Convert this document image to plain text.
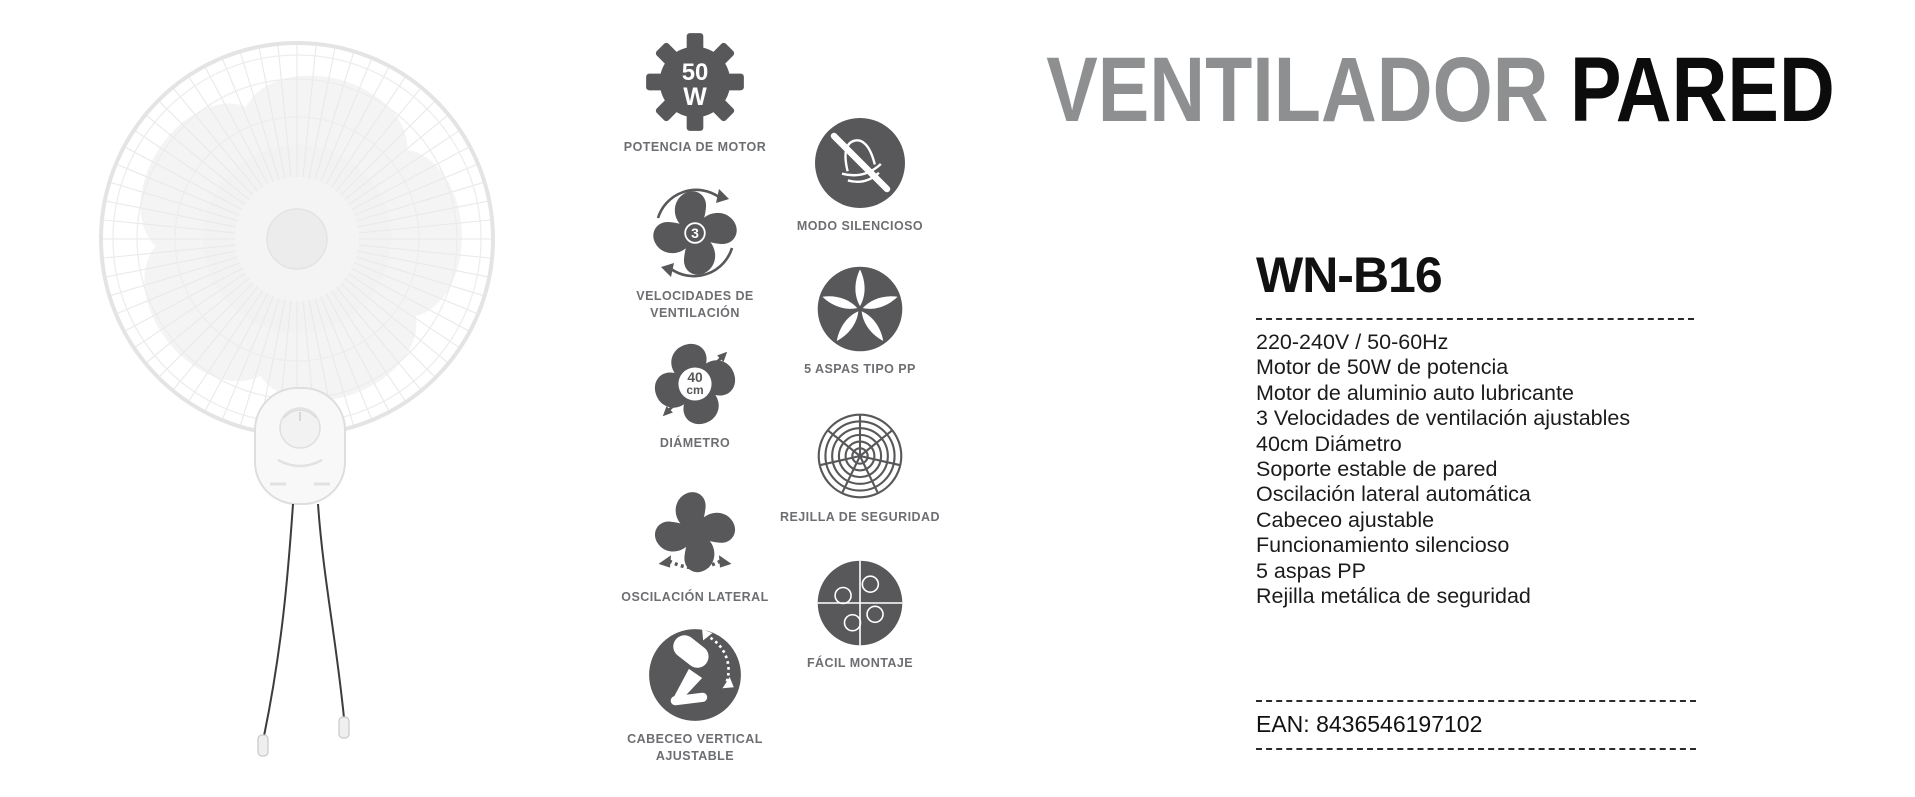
50
W
POTENCIA DE MOTOR
3
VELOCIDADES DE VENTILACIÓN
40
cm
DIÁMETRO
OSCILACIÓN LATERAL
CABECEO VERTICAL AJUSTABLE
MODO SILENCIOSO
5 ASPAS TIPO PP
REJILLA DE SEGURIDAD
FÁCIL MONTAJE
VENTILADOR PARED
WN-B16
220-240V / 50-60Hz
Motor de 50W de potencia
Motor de aluminio auto lubricante
3 Velocidades de ventilación ajustables
40cm Diámetro
Soporte estable de pared
Oscilación lateral automática
Cabeceo ajustable
Funcionamiento silencioso
5 aspas PP
Rejilla metálica de seguridad
EAN: 8436546197102
